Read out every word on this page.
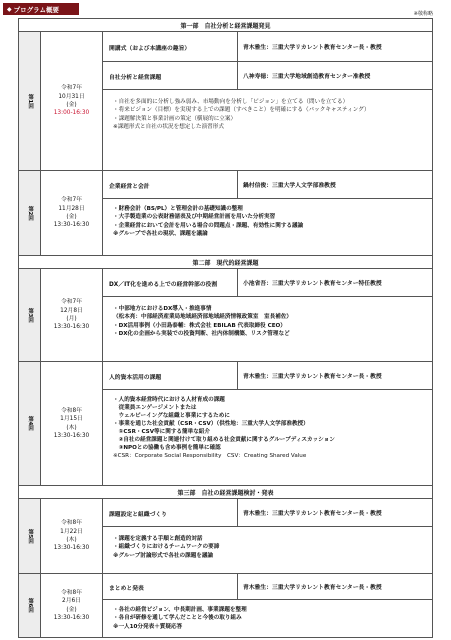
◆ プログラム概要
※敬称略
第一部　自社分析と経営課題発見
第1回
令和7年
10月31日
(金)
13:00-16:30
開講式（および本講座の趣旨）	青木雅生：三重大学リカレント教育センター長・教授
自社分析と経営課題	八神寿徳：三重大学地域創造教育センター准教授
・自社を多面的に分析し強み弱み、市場動向を分析し「ビジョン」を立てる（問いを立てる）
・将来ビジョン（目標）を実現する上での課題（すべきこと）を明確にする（バックキャスティング）
・課題解決策と事業計画の策定（横展的に立案）
※課題形式と自社の状況を想定した演習形式
第2回
令和7年
11月28日
(金)
13:30-16:30
企業経営と会計	鍋村信俊：三重大学人文学部准教授
・財務会計（BS/PL）と管理会計の基礎知識の整理
・大手製造業の公表財務諸表及び中期経営計画を用いた分析実習
・企業経営において会計を用いる場合の問題点・課題、有効性に関する議論
※グループで各社の現状、課題を議論
第二部　現代的経営課題
第3回
令和7年
12月8日
(月)
13:30-16:30
DX／IT化を進める上での経営幹部の役割	小池省吾：三重大学リカレント教育センター特任教授
・中部地方におけるDX導入・推進事情
（松本亮：中部経済産業局地域経済部地域経済情報政策室　室長補佐）
・DX活用事例（小田島泰輔：株式会社 EBILAB 代表取締役 CEO）
・DX化の企画から実装での投資判断、社内体制構築、リスク管理など
第4回
令和8年
1月15日
(木)
13:30-16:30
人的資本活用の課題	青木雅生：三重大学リカレント教育センター長・教授
・人的資本経営時代における人材育成の課題
　従業員エンゲージメントまたは
　ウェルビーイングな組織と事業にするために
・事業を通じた社会貢献（CSR・CSV）（供性地：三重大学人文学部准教授）
　①CSR・CSV等に関する簡単な紹介
　②自社の経営課題と関連付けて取り組める社会貢献に関するグループディスカッション
　③NPOとの協働も含め事例を簡単に確認
※CSR：Corporate Social Responsibility　CSV：Creating Shared Value
第三部　自社の経営課題検討・発表
第5回
令和8年
1月22日
(木)
13:30-16:30
課題設定と組織づくり	青木雅生：三重大学リカレント教育センター長・教授
・課題を定義する手順と創造的対話
・組織づくりにおけるチームワークの要諦
※グループ討論形式で各社の課題を議論
第6回
令和8年
2月6日
(金)
13:30-16:30
まとめと発表	青木雅生：三重大学リカレント教育センター長・教授
・各社の経営ビジョン、中長期計画、事業課題を整理
・各自が研修を通して学んだことと今後の取り組み
※一人10分発表＋質疑応答
